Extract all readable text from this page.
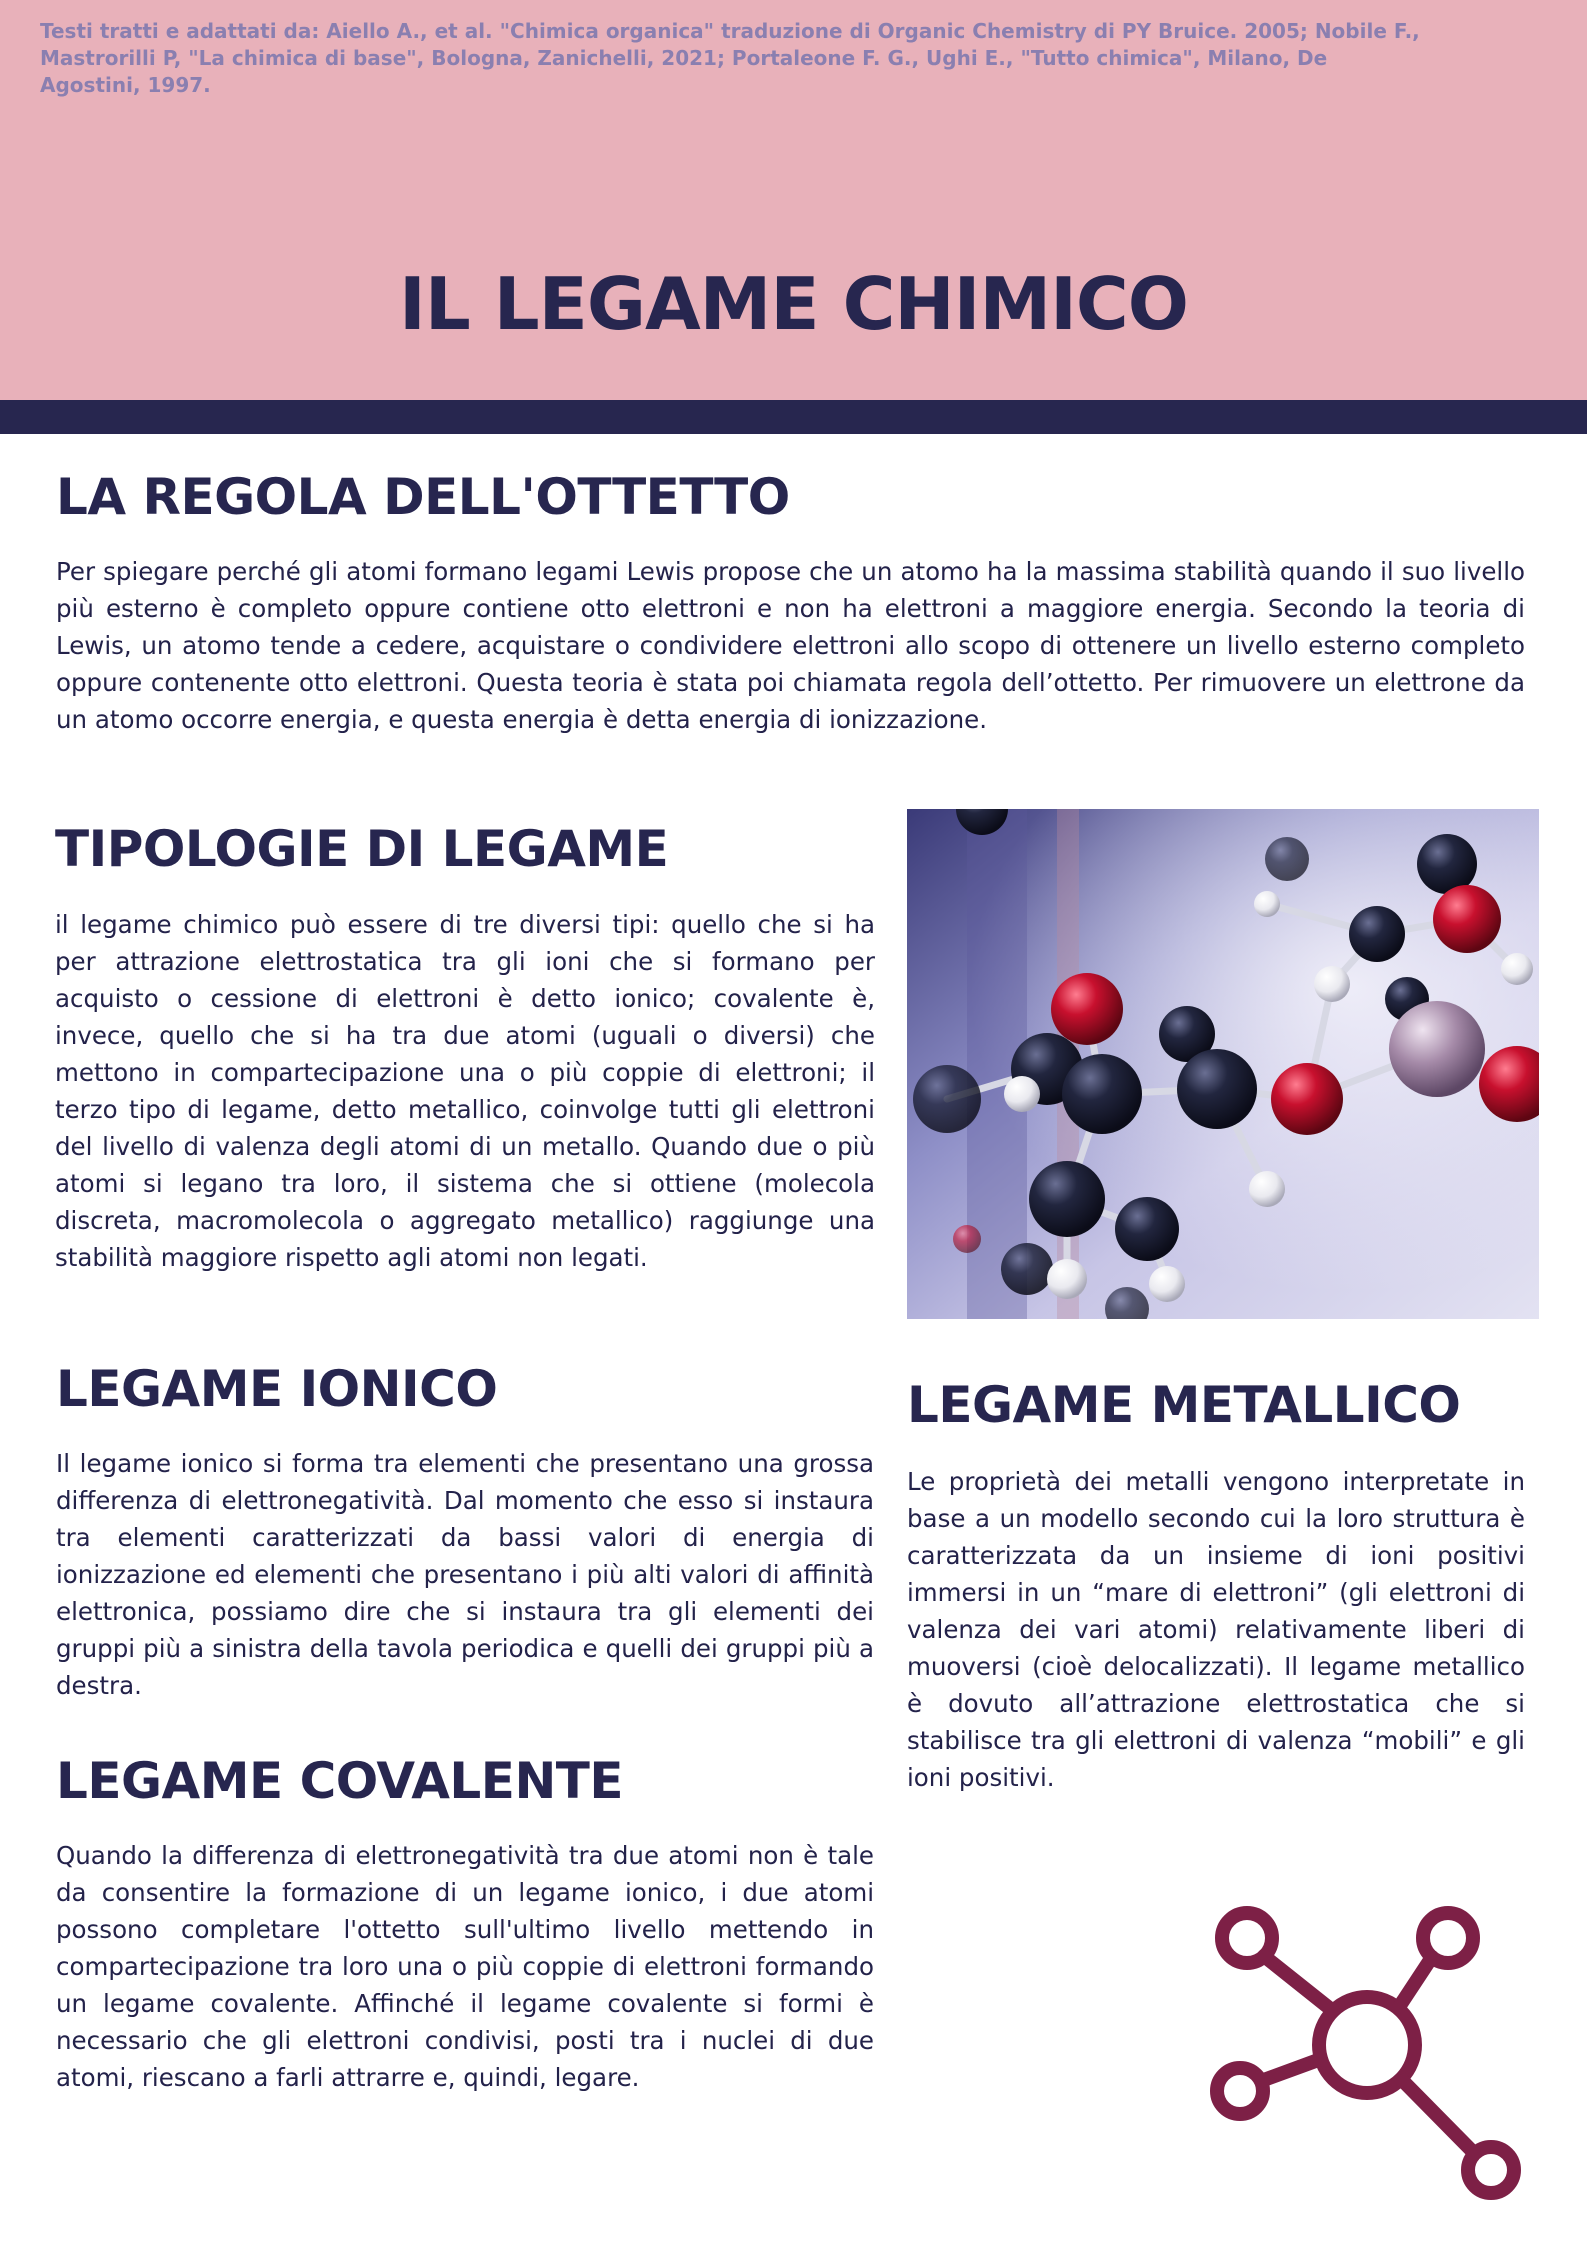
Testi tratti e adattati da: Aiello A., et al. "Chimica organica" traduzione di Organic Chemistry di PY Bruice. 2005; Nobile F., Mastrorilli P, "La chimica di base", Bologna, Zanichelli, 2021; Portaleone F. G., Ughi E., "Tutto chimica", Milano, De Agostini, 1997.
IL LEGAME CHIMICO
LA REGOLA DELL'OTTETTO

Per spiegare perché gli atomi formano legami Lewis propose che un atomo ha la massima stabilità quando il suo livello più esterno è completo oppure contiene otto elettroni e non ha elettroni a maggiore energia. Secondo la teoria di Lewis, un atomo tende a cedere, acquistare o condividere elettroni allo scopo di ottenere un livello esterno completo oppure contenente otto elettroni. Questa teoria è stata poi chiamata regola dell’ottetto. Per rimuovere un elettrone da un atomo occorre energia, e questa energia è detta energia di ionizzazione.

TIPOLOGIE DI LEGAME

il legame chimico può essere di tre diversi tipi: quello che si ha per attrazione elettrostatica tra gli ioni che si formano per acquisto o cessione di elettroni è detto ionico; covalente è, invece, quello che si ha tra due atomi (uguali o diversi) che mettono in compartecipazione una o più coppie di elettroni; il terzo tipo di legame, detto metallico, coinvolge tutti gli elettroni del livello di valenza degli atomi di un metallo. Quando due o più atomi si legano tra loro, il sistema che si ottiene (molecola discreta, macromolecola o aggregato metallico) raggiunge una stabilità maggiore rispetto agli atomi non legati.

LEGAME IONICO

Il legame ionico si forma tra elementi che presentano una grossa differenza di elettronegatività. Dal momento che esso si instaura tra elementi caratterizzati da bassi valori di energia di ionizzazione ed elementi che presentano i più alti valori di affinità elettronica, possiamo dire che si instaura tra gli elementi dei gruppi più a sinistra della tavola periodica e quelli dei gruppi più a destra.

LEGAME METALLICO

Le proprietà dei metalli vengono interpretate in base a un modello secondo cui la loro struttura è caratterizzata da un insieme di ioni positivi immersi in un “mare di elettroni” (gli elettroni di valenza dei vari atomi) relativamente liberi di muoversi (cioè delocalizzati). Il legame metallico è dovuto all’attrazione elettrostatica che si stabilisce tra gli elettroni di valenza “mobili” e gli ioni positivi.

LEGAME COVALENTE

Quando la differenza di elettronegatività tra due atomi non è tale da consentire la formazione di un legame ionico, i due atomi possono completare l'ottetto sull'ultimo livello mettendo in compartecipazione tra loro una o più coppie di elettroni formando un legame covalente. Affinché il legame covalente si formi è necessario che gli elettroni condivisi, posti tra i nuclei di due atomi, riescano a farli attrarre e, quindi, legare.
